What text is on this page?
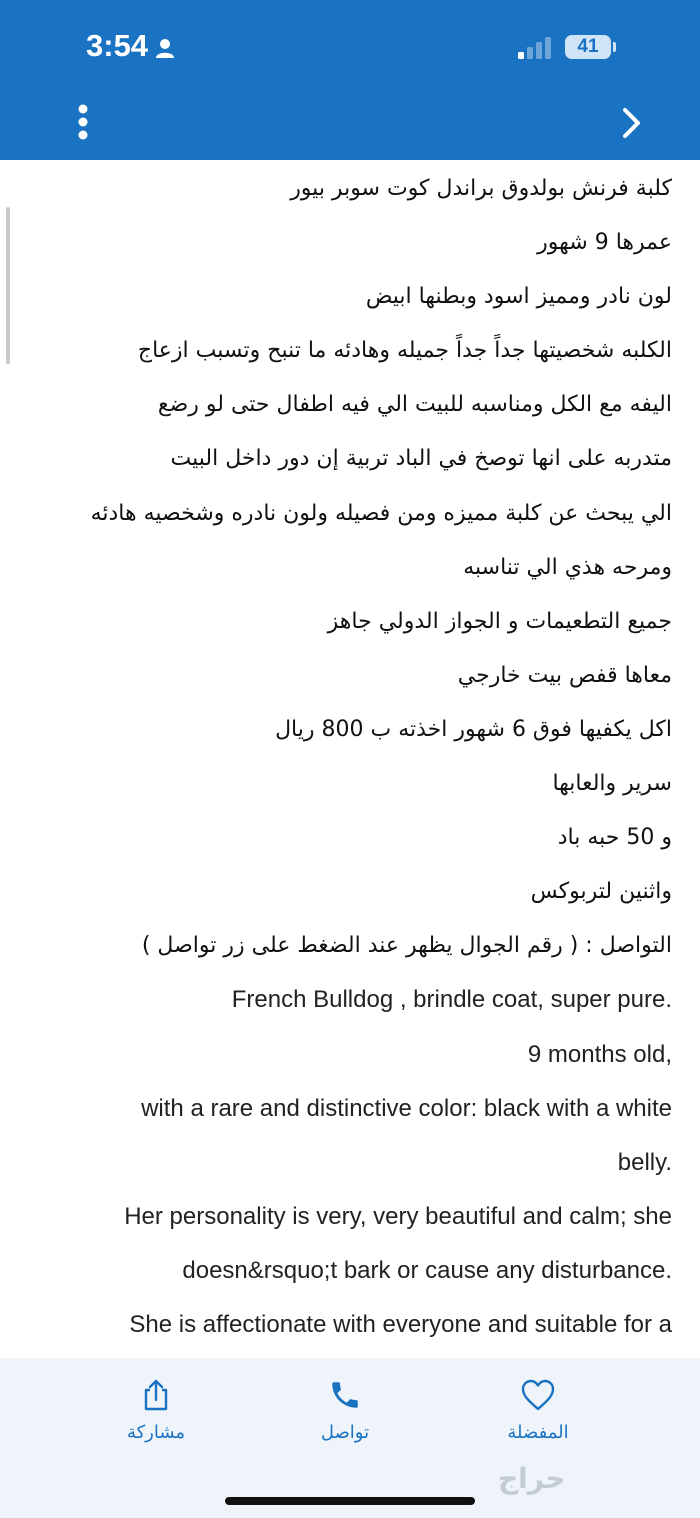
3:54	41
كلبة فرنش بولدوق براندل كوت سوبر بيور
عمرها 9 شهور
لون نادر ومميز اسود وبطنها ابيض
الكلبه شخصيتها جداً جداً جميله وهادئه ما تنبح وتسبب ازعاج
اليفه مع الكل ومناسبه للبيت الي فيه اطفال حتى لو رضع
متدربه على انها توصخ في الباد تربية إن دور داخل البيت
الي يبحث عن كلبة مميزه ومن فصيله ولون نادره وشخصيه هادئه
ومرحه هذي الي تناسبه
جميع التطعيمات و الجواز الدولي جاهز
معاها قفص بيت خارجي
اكل يكفيها فوق 6 شهور اخذته ب 800 ريال
سرير والعابها
و 50 حبه باد
واثنين لتربوكس
التواصل : ( رقم الجوال يظهر عند الضغط على زر تواصل )
French Bulldog , brindle coat, super pure.
9 months old,
with a rare and distinctive color: black with a white
belly.
Her personality is very, very beautiful and calm; she
doesn&rsquo;t bark or cause any disturbance.
She is affectionate with everyone and suitable for a
مشاركة	تواصل	المفضلة
حراج
